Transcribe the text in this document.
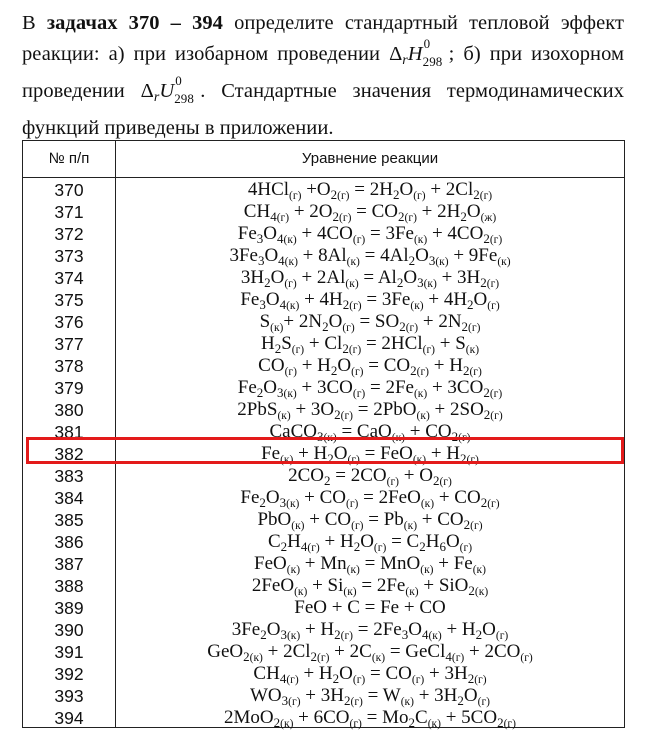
В задачах 370 – 394 определите стандартный тепловой эффект
реакции: а) при изобарном проведении ΔrH 0
298 ; б) при изохорном
проведении ΔrU 0
298 . Стандартные значения термодинамических
функций приведены в приложении.
№ п/п	Уравнение реакции
370	$4HCl_{(г)} +O_{2(г)} = 2H_2O_{(г)} + 2Cl_{2(г)}$
371	$CH_{4(г)} + 2O_{2(г)} = CO_{2(г)} + 2H_2O_{(ж)}$
372	$Fe_3O_{4(к)} + 4CO_{(г)} = 3Fe_{(к)} + 4CO_{2(г)}$
373	$3Fe_3O_{4(к)} + 8Al_{(к)} = 4Al_2O_{3(к)} + 9Fe_{(к)}$
374	$3H_2O_{(г)} + 2Al_{(к)} = Al_2O_{3(к)} + 3H_{2(г)}$
375	$Fe_3O_{4(к)} + 4H_{2(г)} = 3Fe_{(к)} + 4H_2O_{(г)}$
376	$S_{(к)}+ 2N_2O_{(г)} = SO_{2(г)} + 2N_{2(г)}$
377	$H_2S_{(г)} + Cl_{2(г)} = 2HCl_{(г)} + S_{(к)}$
378	$CO_{(г)} + H_2O_{(г)} = CO_{2(г)} + H_{2(г)}$
379	$Fe_2O_{3(к)} + 3CO_{(г)} = 2Fe_{(к)} + 3CO_{2(г)}$
380	$2PbS_{(к)} + 3O_{2(г)} = 2PbO_{(к)} + 2SO_{2(г)}$
381	CaCO$_{3(к)}$ = $CaO_{(к)} + CO_{2(г)}$
382	$Fe_{(к)} + H_2O_{(г)} = FeO_{(к)} + H_{2(г)}$
383	$2CO_2 = 2CO_{(г)} + O_{2(г)}$
384	$Fe_2O_{3(к)} + CO_{(г)} = 2FeO_{(к)} + CO_{2(г)}$
385	$PbO_{(к)} + CO_{(г)} = Pb_{(к)} + CO_{2(г)}$
386	$C_2H_{4(г)} + H_2O_{(г)} = C_2H_6O_{(г)}$
387	$FeO_{(к)} + Mn_{(к)} = MnO_{(к)} + Fe_{(к)}$
388	$2FeO_{(к)} + Si_{(к)} = 2Fe_{(к)} + SiO_{2(к)}$
389	FeO + C = Fe + CO
390	$3Fe_2O_{3(к)} + H_{2(г)} = 2Fe_3O_{4(к)} + H_2O_{(г)}$
391	$GeO_{2(к)} + 2Cl_{2(г)} + 2C_{(к)}$ = GeCl$_{4(г)}$ + $2CO_{(г)}$
392	$CH_{4(г)} + H_2O_{(г)} = CO_{(г)} + 3H_{2(г)}$
393	$WO_{3(г)} + 3H_{2(г)} = W_{(к)} + 3H_2O_{(г)}$
394	$2MoO_{2(к)} + 6CO_{(г)} = Mo_2C_{(к)} + 5CO_{2(г)}$
